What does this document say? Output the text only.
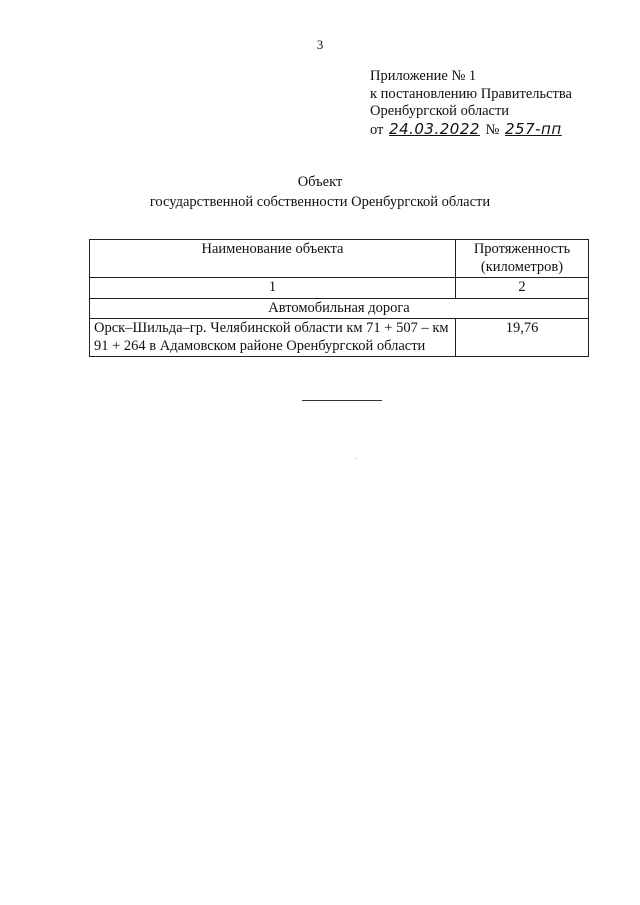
3
Приложение № 1
к постановлению Правительства
Оренбургской области
от 24.03.2022 № 257-пп
Объект
государственной собственности Оренбургской области
Наименование объекта	Протяженность (километров)
1	2
Автомобильная дорога	
Орск–Шильда–гр. Челябинской области км 71 + 507 – км 91 + 264 в Адамовском районе Оренбургской области	19,76
